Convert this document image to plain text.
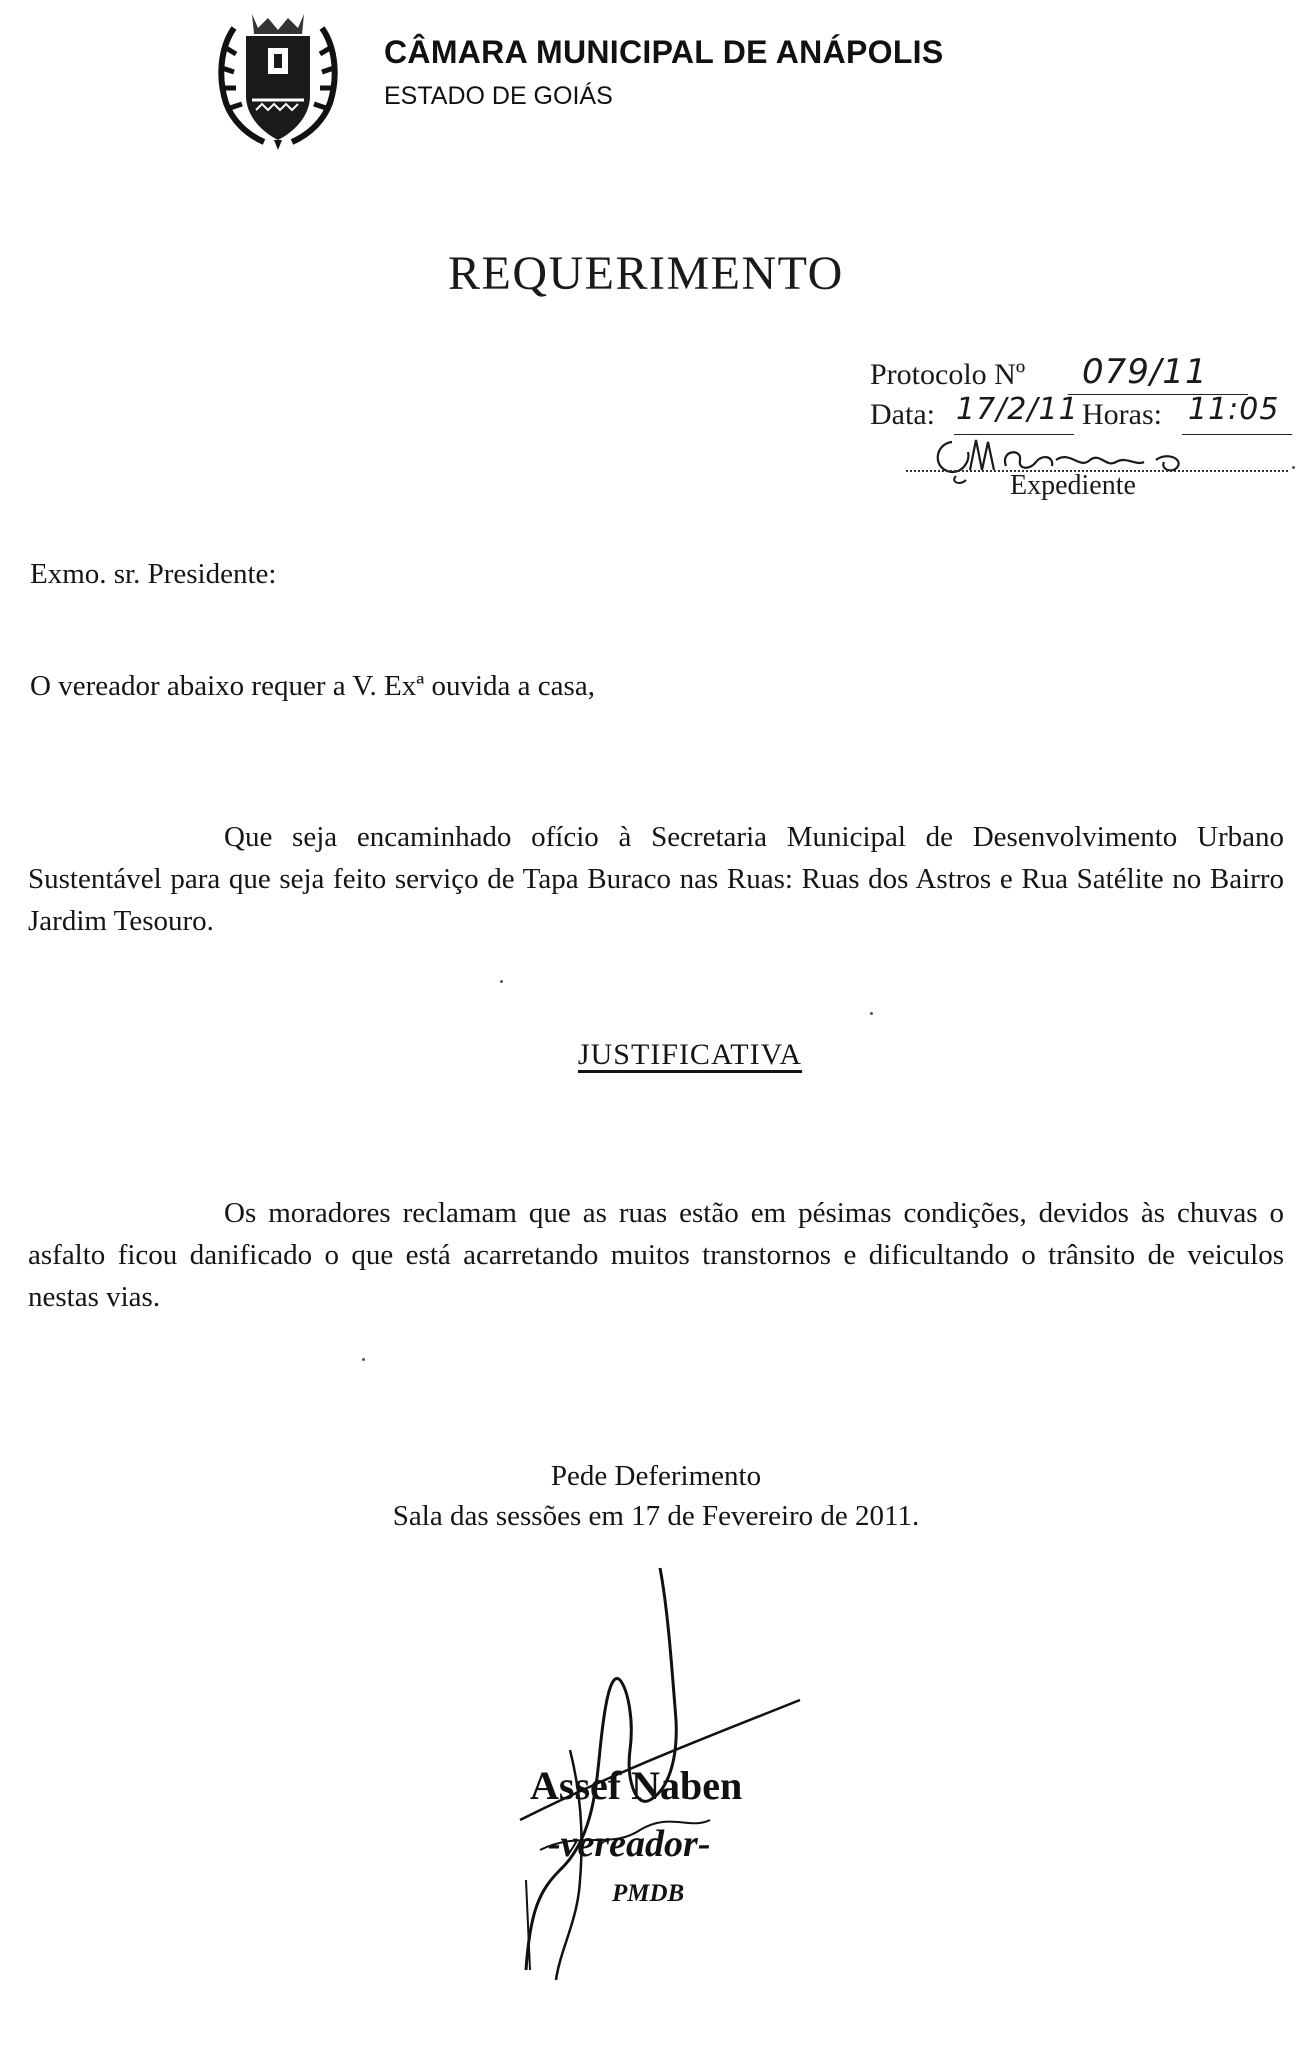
CÂMARA MUNICIPAL DE ANÁPOLIS
ESTADO DE GOIÁS
REQUERIMENTO
Protocolo Nº 079/11
Data: 17/2/11 Horas: 11:05
Expediente
Exmo. sr. Presidente:
O vereador abaixo requer a V. Exª ouvida a casa,
Que seja encaminhado ofício à Secretaria Municipal de Desenvolvimento Urbano Sustentável para que seja feito serviço de Tapa Buraco nas Ruas: Ruas dos Astros e Rua Satélite no Bairro Jardim Tesouro.
JUSTIFICATIVA
Os moradores reclamam que as ruas estão em pésimas condições, devidos às chuvas o asfalto ficou danificado o que está acarretando muitos transtornos e dificultando o trânsito de veiculos nestas vias.
Pede Deferimento
Sala das sessões em 17 de Fevereiro de 2011.
Assef Naben
-vereador-
PMDB
